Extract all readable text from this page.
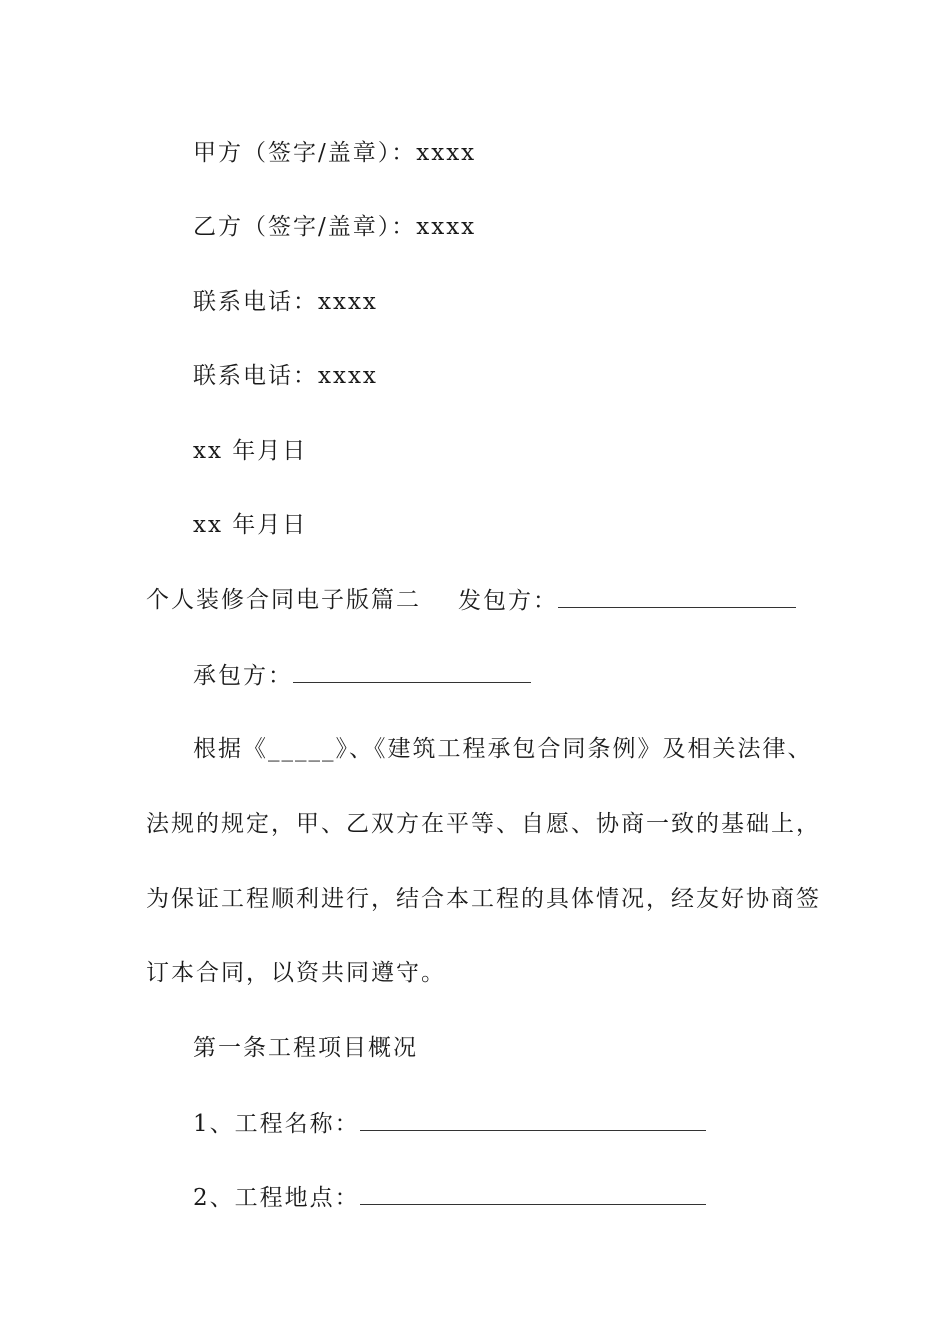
甲方（签字/盖章）：xxxx
乙方（签字/盖章）：xxxx
联系电话：xxxx
联系电话：xxxx
xx 年月日
xx 年月日
个人装修合同电子版篇二 发包方：
承包方：
根据《_____》、《建筑工程承包合同条例》及相关法律、
法规的规定，甲、乙双方在平等、自愿、协商一致的基础上，
为保证工程顺利进行，结合本工程的具体情况，经友好协商签
订本合同，以资共同遵守。
第一条工程项目概况
1、工程名称：
2、工程地点：
